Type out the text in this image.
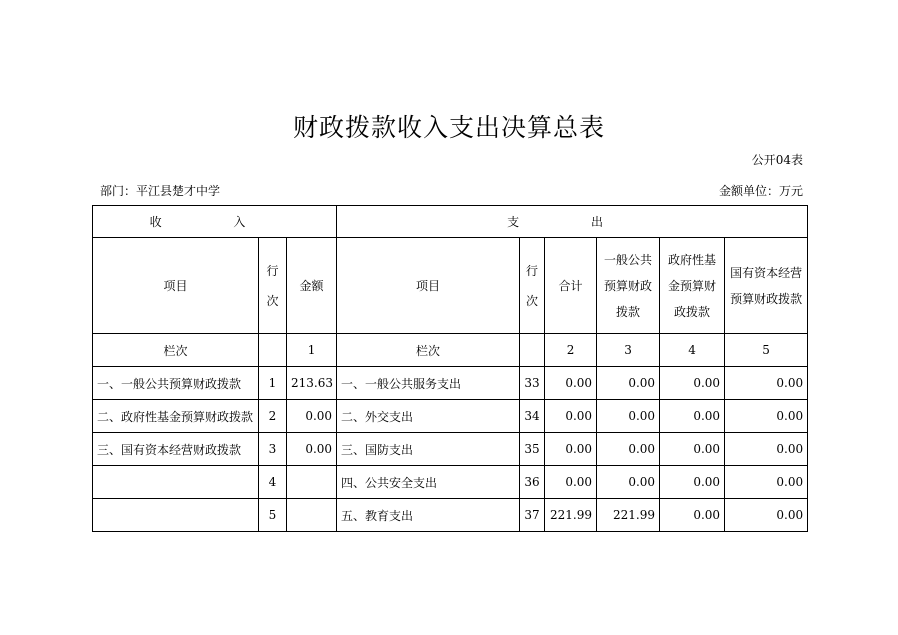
财政拨款收入支出决算总表
公开04表
部门：平江县楚才中学	金额单位：万元
收 入			支 出					
项目	行次	金额	项目	行次	合计	一般公共预算财政拨款	政府性基金预算财政拨款	国有资本经营预算财政拨款
栏次		1	栏次		2	3	4	5
一、一般公共预算财政拨款	1	213.63	一、一般公共服务支出	33	0.00	0.00	0.00	0.00
二、政府性基金预算财政拨款	2	0.00	二、外交支出	34	0.00	0.00	0.00	0.00
三、国有资本经营财政拨款	3	0.00	三、国防支出	35	0.00	0.00	0.00	0.00
	4		四、公共安全支出	36	0.00	0.00	0.00	0.00
	5		五、教育支出	37	221.99	221.99	0.00	0.00
